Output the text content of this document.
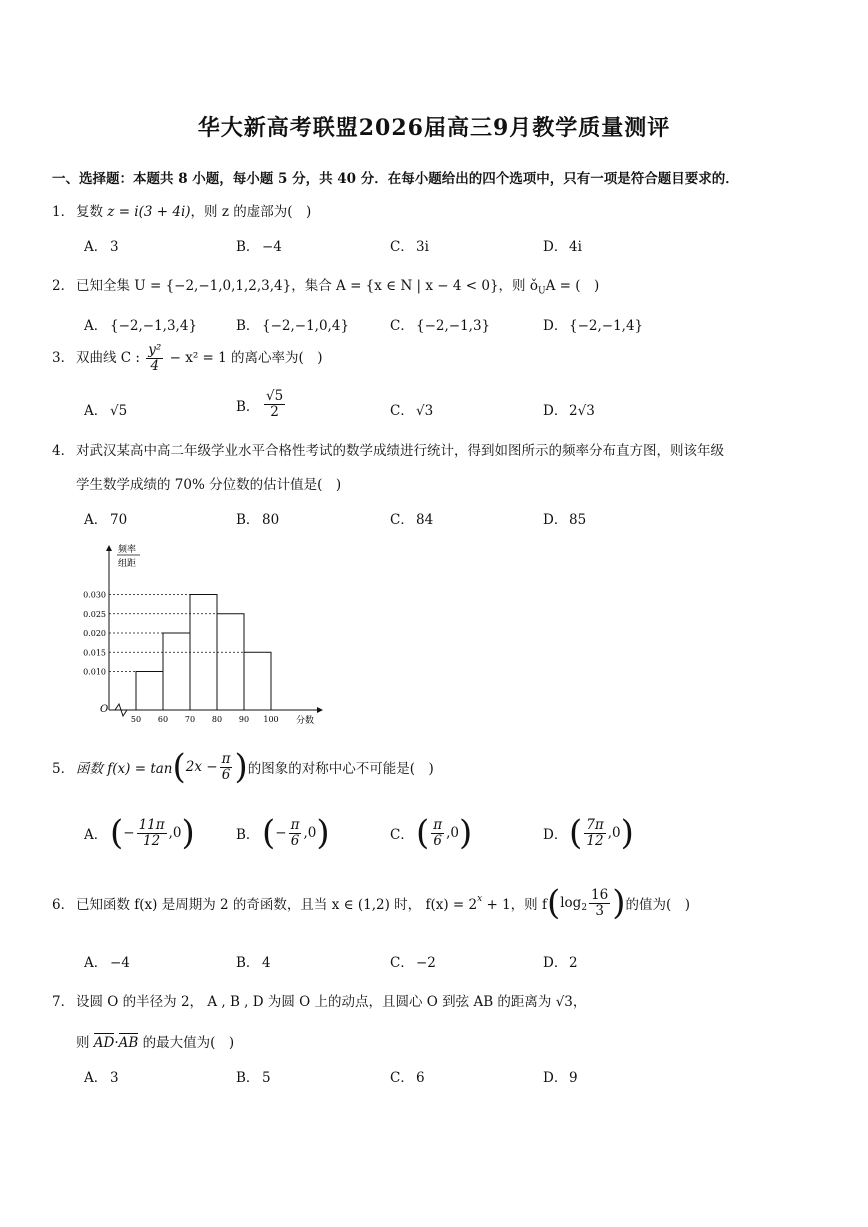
华大新高考联盟2026届高三9月教学质量测评
一、选择题：本题共 8 小题，每小题 5 分，共 40 分．在每小题给出的四个选项中，只有一项是符合题目要求的．
1． 复数 z = i(3 + 4i)，则 z 的虚部为(　)
A． 3	B． −4	C． 3i	D． 4i
2． 已知全集 U = {−2,−1,0,1,2,3,4}，集合 A = {x ∈ N | x − 4 < 0}，则 $ǒ_UA$ = (　)
A． {−2,−1,3,4}	B． {−2,−1,0,4}	C． {−2,−1,3}	D． {−2,−1,4}
3． 双曲线 C : $\frac{\text{y²}}{4} - x^2 = 1$ 的离心率为(　)
A． √5	B． $\frac{√5}{2}$	C． √3	D． 2√3
4． 对武汉某高中高二年级学业水平合格性考试的数学成绩进行统计，得到如图所示的频率分布直方图，则该年级
学生数学成绩的 70% 分位数的估计值是(　)
A． 70	B． 80	C． 84	D． 85
O
频率
组距
分数
0.030
0.025
0.020
0.015
0.010
50 60 70 80 90 100
5． 函数 $f(x) = \tan(2x - \frac{\pi}{6}$ )的图象的对称中心不可能是(　)
A．(− $\frac{11\pi}{12} ,0$)	B．(− $\frac{\pi}{6} ,0$)	C．( $\frac{\pi}{6} ,0$)	D．( $\frac{7\pi}{12} ,0$)
6． 已知函数 f(x) 是周期为 2 的奇函数，且当 x ∈ (1,2) 时， $f(x) = 2^x + 1$，则 $f(\log_2 \frac{16}{3}$ )的值为(　)
A． −4	B． 4	C． −2	D． 2
7． 设圆 O 的半径为 2， A , B , D 为圆 O 上的动点，且圆心 O 到弦 AB 的距离为 √3，
则 AD·AB 的最大值为(　)
A． 3	B． 5	C． 6	D． 9
